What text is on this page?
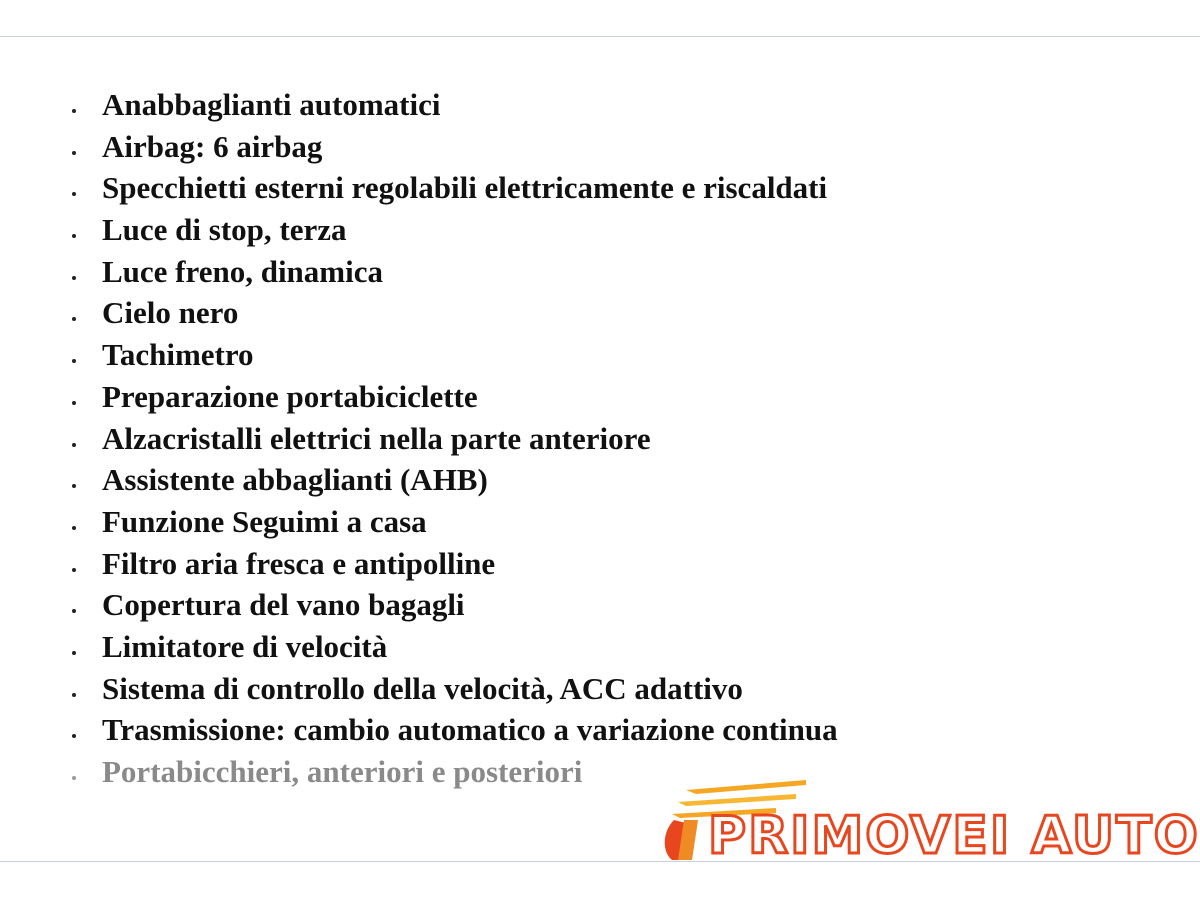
Anabbaglianti automatici
Airbag: 6 airbag
Specchietti esterni regolabili elettricamente e riscaldati
Luce di stop, terza
Luce freno, dinamica
Cielo nero
Tachimetro
Preparazione portabiciclette
Alzacristalli elettrici nella parte anteriore
Assistente abbaglianti (AHB)
Funzione Seguimi a casa
Filtro aria fresca e antipolline
Copertura del vano bagagli
Limitatore di velocità
Sistema di controllo della velocità, ACC adattivo
Trasmissione: cambio automatico a variazione continua
Portabicchieri, anteriori e posteriori
PRIMOVEI AUTO
